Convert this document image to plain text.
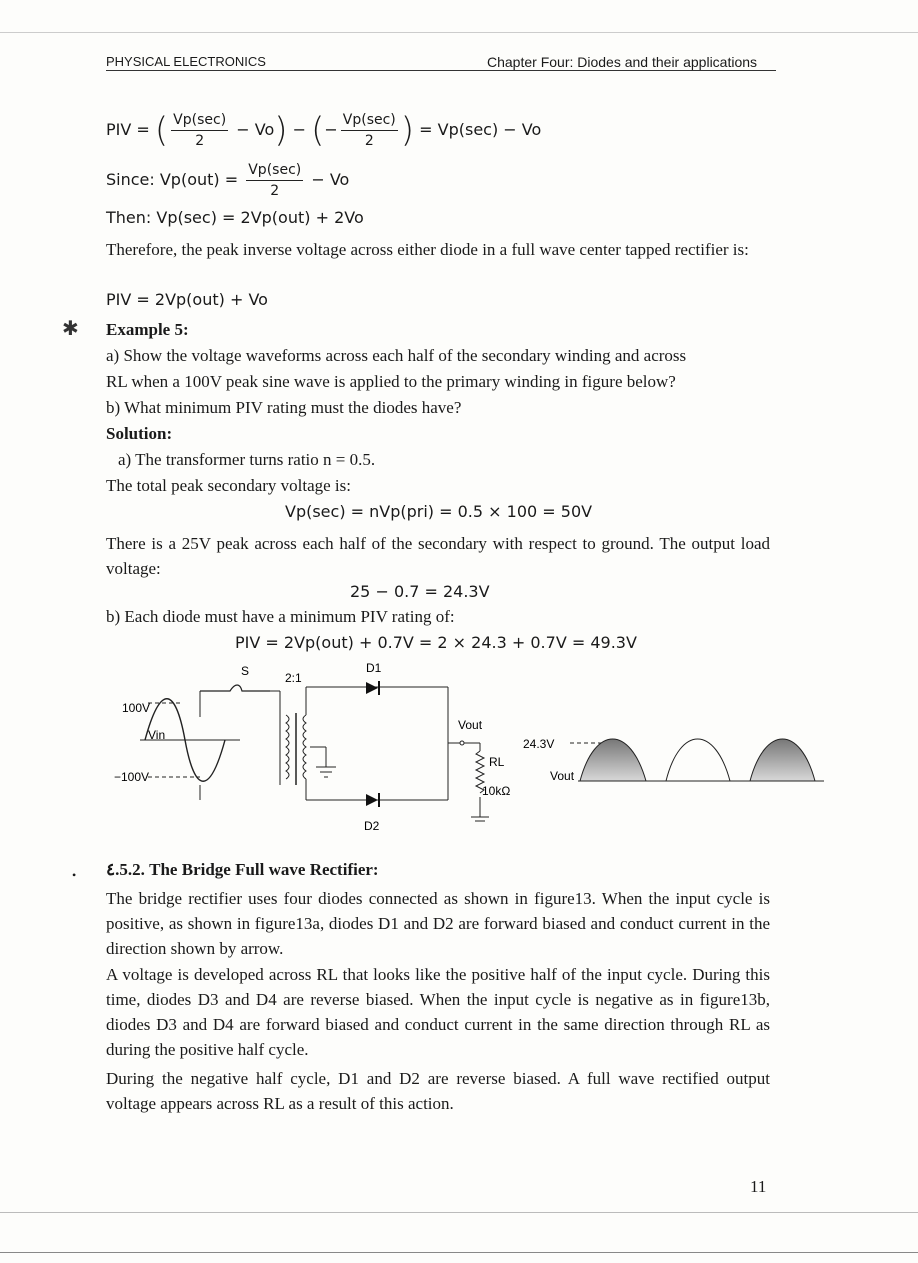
PHYSICAL ELECTRONICS	Chapter Four: Diodes and their applications
PIV = ( $\frac{Vp(\sec)}{2} - Vo$) − (− $\frac{Vp(\sec)}{2}$ ) = Vp(sec) − Vo
Since: $Vp(out) = \frac{Vp(\sec)}{2} - Vo$
Then: Vp(sec) = 2Vp(out) + 2Vo
Therefore, the peak inverse voltage across either diode in a full wave center tapped rectifier is:
PIV = 2Vp(out) + Vo
✱ Example 5:
a) Show the voltage waveforms across each half of the secondary winding and across
RL when a 100V peak sine wave is applied to the primary winding in figure below?
b) What minimum PIV rating must the diodes have?
Solution:
a) The transformer turns ratio n = 0.5.
The total peak secondary voltage is:
Vp(sec) = nVp(pri) = 0.5 × 100 = 50V
There is a 25V peak across each half of the secondary with respect to ground. The output load voltage:
25 − 0.7 = 24.3V
b) Each diode must have a minimum PIV rating of:
PIV = 2Vp(out) + 0.7V = 2 × 24.3 + 0.7V = 49.3V
100V
−100V
Vin
S	2:1
D1
D2
Vout
RL
10kΩ
24.3V
Vout
• ٤.5.2. The Bridge Full wave Rectifier:
The bridge rectifier uses four diodes connected as shown in figure13. When the input cycle is positive, as shown in figure13a, diodes D1 and D2 are forward biased and conduct current in the direction shown by arrow.
A voltage is developed across RL that looks like the positive half of the input cycle. During this time, diodes D3 and D4 are reverse biased. When the input cycle is negative as in figure13b, diodes D3 and D4 are forward biased and conduct current in the same direction through RL as during the positive half cycle.
During the negative half cycle, D1 and D2 are reverse biased. A full wave rectified output voltage appears across RL as a result of this action.
11
